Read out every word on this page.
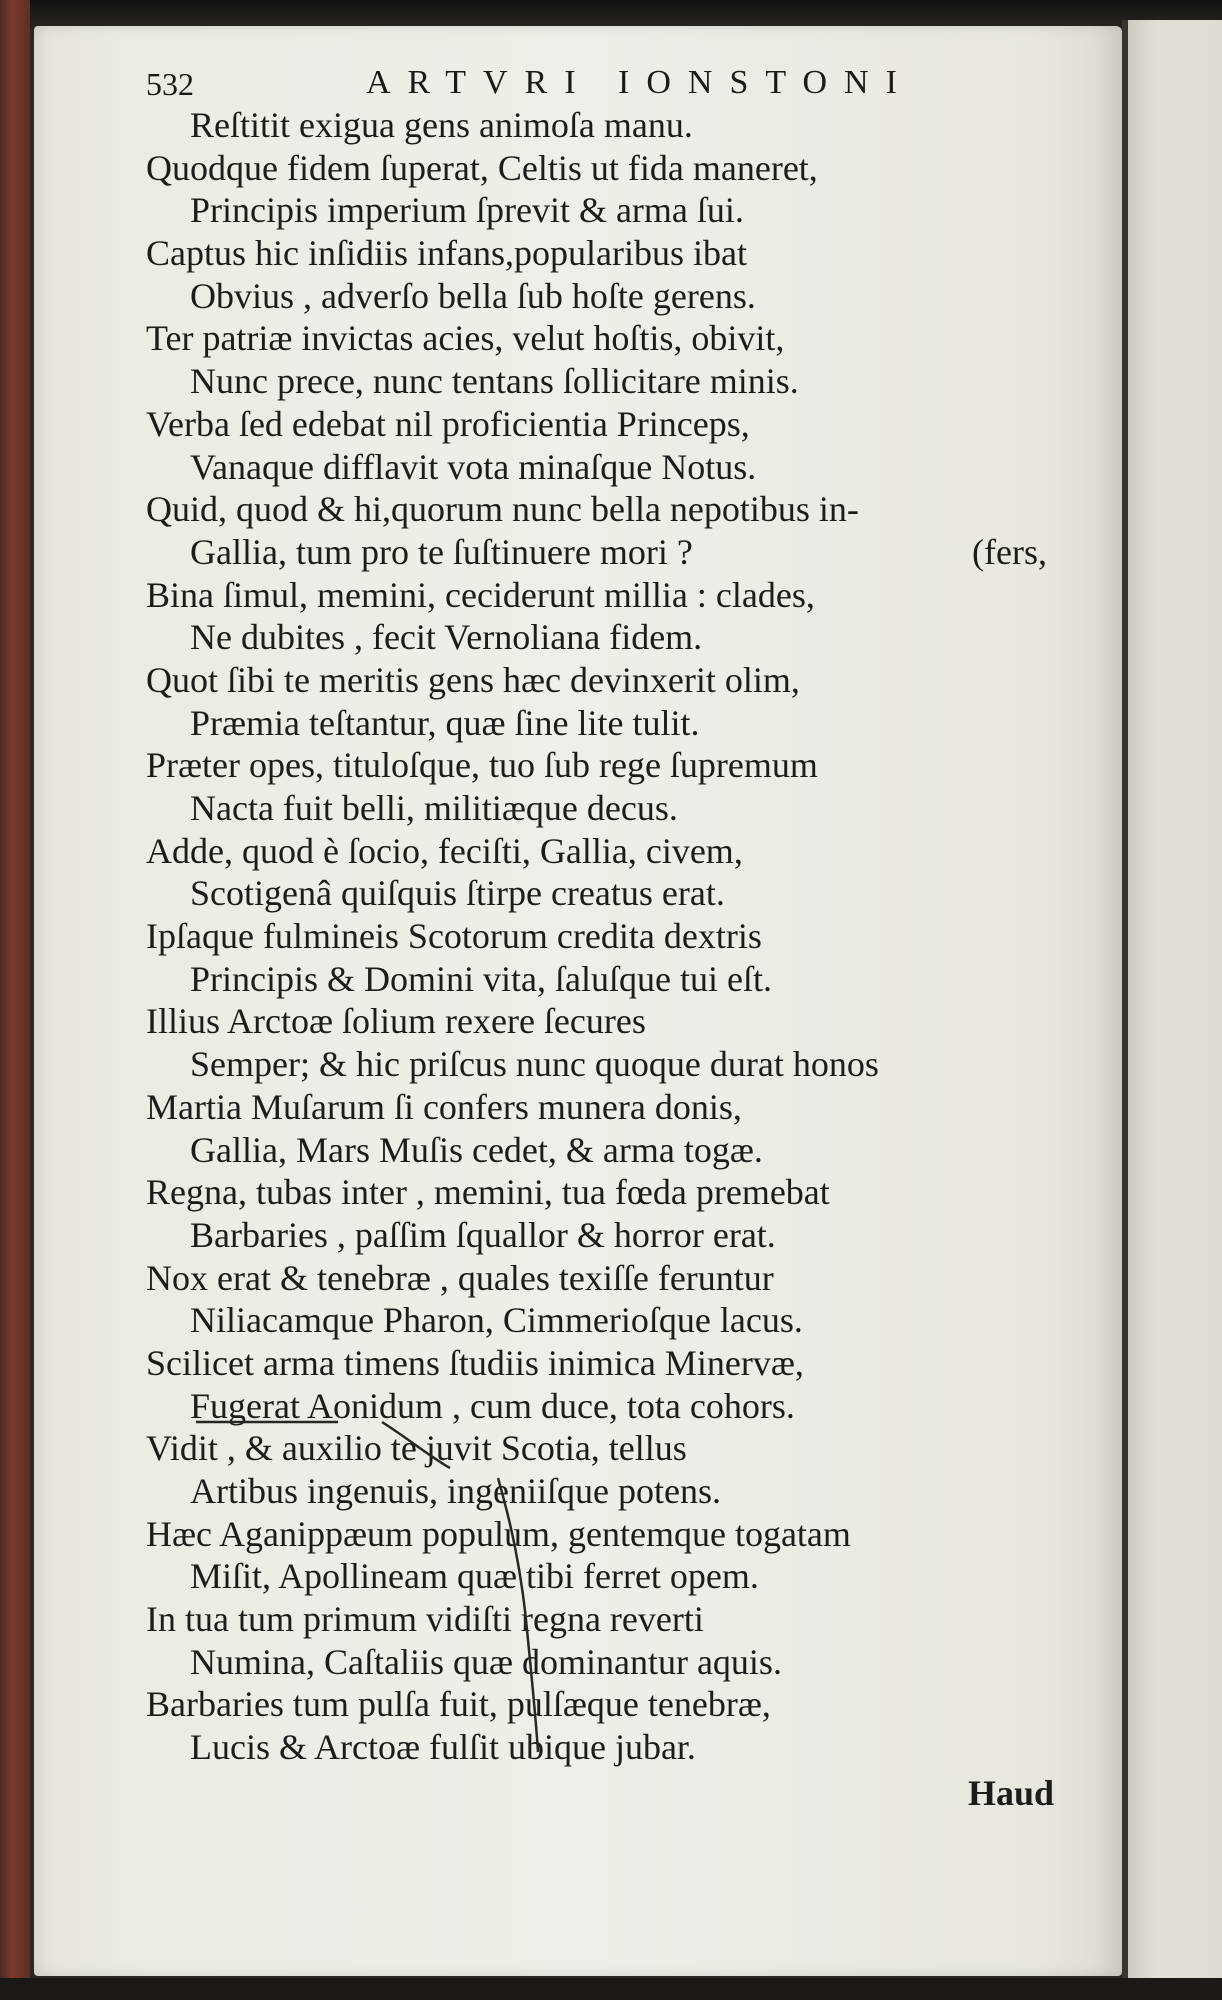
532	ARTVRI IONSTONI
Reſtitit exigua gens animoſa manu.
Quodque fidem ſuperat, Celtis ut fida maneret,
Principis imperium ſprevit & arma ſui.
Captus hic inſidiis infans,popularibus ibat
Obvius , adverſo bella ſub hoſte gerens.
Ter patriæ invictas acies, velut hoſtis, obivit,
Nunc prece, nunc tentans ſollicitare minis.
Verba ſed edebat nil proficientia Princeps,
Vanaque difflavit vota minaſque Notus.
Quid, quod & hi,quorum nunc bella nepotibus in-
Gallia, tum pro te ſuſtinuere mori ?	(fers,
Bina ſimul, memini, ceciderunt millia : clades,
Ne dubites , fecit Vernoliana fidem.
Quot ſibi te meritis gens hæc devinxerit olim,
Præmia teſtantur, quæ ſine lite tulit.
Præter opes, tituloſque, tuo ſub rege ſupremum
Nacta fuit belli, militiæque decus.
Adde, quod è ſocio, feciſti, Gallia, civem,
Scotigenâ quiſquis ſtirpe creatus erat.
Ipſaque fulmineis Scotorum credita dextris
Principis & Domini vita, ſaluſque tui eſt.
Illius Arctoæ ſolium rexere ſecures
Semper; & hic priſcus nunc quoque durat honos
Martia Muſarum ſi confers munera donis,
Gallia, Mars Muſis cedet, & arma togæ.
Regna, tubas inter , memini, tua fœda premebat
Barbaries , paſſim ſquallor & horror erat.
Nox erat & tenebræ , quales texiſſe feruntur
Niliacamque Pharon, Cimmerioſque lacus.
Scilicet arma timens ſtudiis inimica Minervæ,
Fugerat Aonidum , cum duce, tota cohors.
Vidit , & auxilio te juvit Scotia, tellus
Artibus ingenuis, ingeniiſque potens.
Hæc Aganippæum populum, gentemque togatam
Miſit, Apollineam quæ tibi ferret opem.
In tua tum primum vidiſti regna reverti
Numina, Caſtaliis quæ dominantur aquis.
Barbaries tum pulſa fuit, pulſæque tenebræ,
Lucis & Arctoæ fulſit ubique jubar.
Haud
